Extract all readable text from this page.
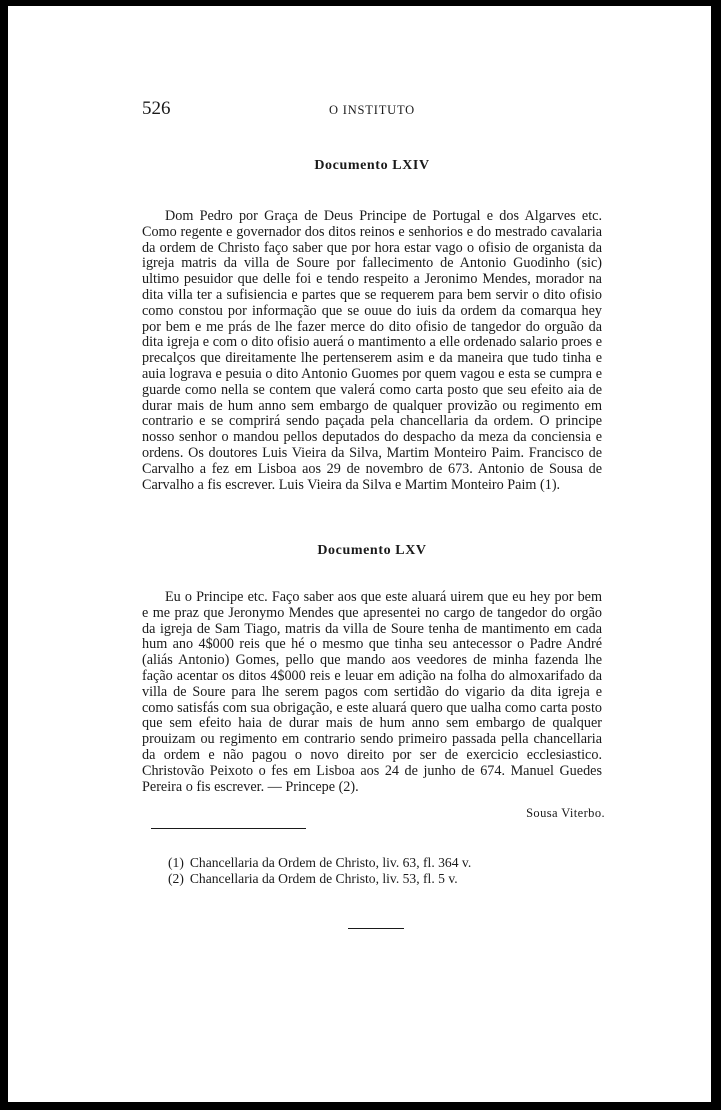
526	O INSTITUTO
Documento LXIV

Dom Pedro por Graça de Deus Principe de Portugal e dos Algarves etc. Como regente e governador dos ditos reinos e senhorios e do mestrado cavalaria da ordem de Christo faço saber que por hora estar vago o ofisio de organista da igreja matris da villa de Soure por fallecimento de Antonio Guodinho (sic) ultimo pesuidor que delle foi e tendo respeito a Jeronimo Mendes, morador na dita villa ter a sufisiencia e partes que se requerem para bem servir o dito ofisio como constou por informação que se ouue do iuis da ordem da comarqua hey por bem e me prás de lhe fazer merce do dito ofisio de tangedor do orguão da dita igreja e com o dito ofisio auerá o mantimento a elle ordenado salario proes e precalços que direitamente lhe pertenserem asim e da maneira que tudo tinha e auia lograva e pesuia o dito Antonio Guomes por quem vagou e esta se cumpra e guarde como nella se contem que valerá como carta posto que seu efeito aia de durar mais de hum anno sem embargo de qualquer provizão ou regimento em contrario e se comprirá sendo paçada pela chancellaria da ordem. O principe nosso senhor o mandou pellos deputados do despacho da meza da conciensia e ordens. Os doutores Luis Vieira da Silva, Martim Monteiro Paim. Francisco de Carvalho a fez em Lisboa aos 29 de novembro de 673. Antonio de Sousa de Carvalho a fis escrever. Luis Vieira da Silva e Martim Monteiro Paim (1).

Documento LXV

Eu o Principe etc. Faço saber aos que este aluará uirem que eu hey por bem e me praz que Jeronymo Mendes que apresentei no cargo de tangedor do orgão da igreja de Sam Tiago, matris da villa de Soure tenha de mantimento em cada hum ano 4$000 reis que hé o mesmo que tinha seu antecessor o Padre André (aliás Antonio) Gomes, pello que mando aos veedores de minha fazenda lhe fação acentar os ditos 4$000 reis e leuar em adição na folha do almoxarifado da villa de Soure para lhe serem pagos com sertidão do vigario da dita igreja e como satisfás com sua obrigação, e este aluará quero que ualha como carta posto que sem efeito haia de durar mais de hum anno sem embargo de qualquer prouizam ou regimento em contrario sendo primeiro passada pella chancellaria da ordem e não pagou o novo direito por ser de exercicio ecclesiastico. Christovão Peixoto o fes em Lisboa aos 24 de junho de 674. Manuel Guedes Pereira o fis escrever. — Princepe (2).

Sousa Viterbo.
(1) Chancellaria da Ordem de Christo, liv. 63, fl. 364 v.
(2) Chancellaria da Ordem de Christo, liv. 53, fl. 5 v.
